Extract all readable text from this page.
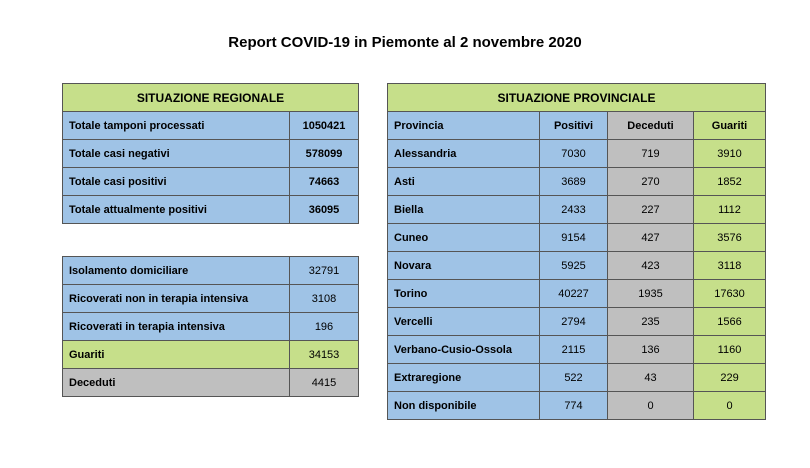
Report COVID-19 in Piemonte al 2 novembre 2020
SITUAZIONE REGIONALE	
Totale tamponi processati	1050421
Totale casi negativi	578099
Totale casi positivi	74663
Totale attualmente positivi	36095
Isolamento domiciliare	32791
Ricoverati non in terapia intensiva	3108
Ricoverati in terapia intensiva	196
Guariti	34153
Deceduti	4415
SITUAZIONE PROVINCIALE			
Provincia	Positivi	Deceduti	Guariti
Alessandria	7030	719	3910
Asti	3689	270	1852
Biella	2433	227	1112
Cuneo	9154	427	3576
Novara	5925	423	3118
Torino	40227	1935	17630
Vercelli	2794	235	1566
Verbano-Cusio-Ossola	2115	136	1160
Extraregione	522	43	229
Non disponibile	774	0	0
